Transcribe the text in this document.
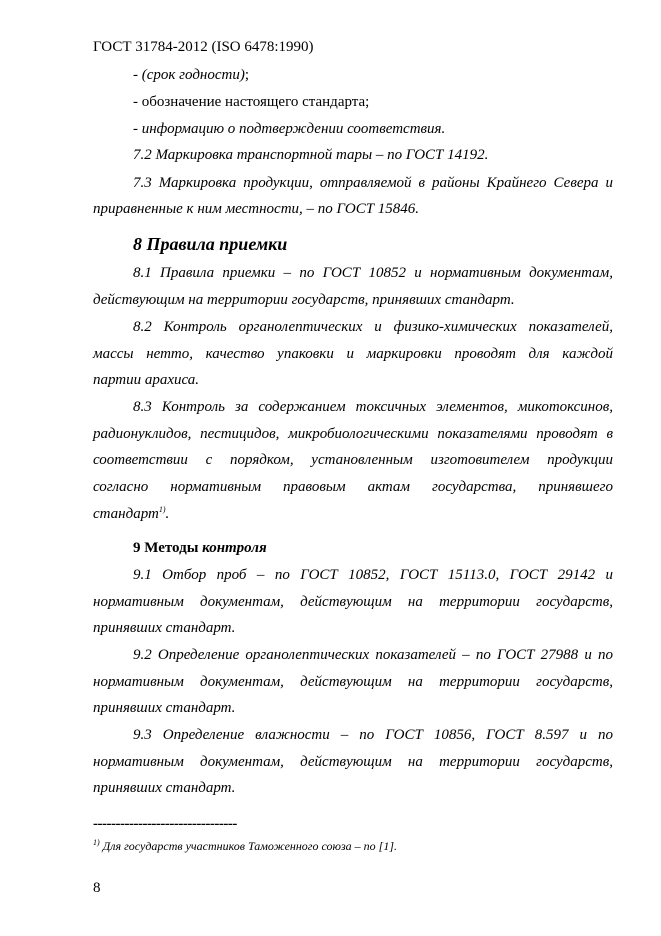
ГОСТ 31784-2012 (ISO 6478:1990)
- (срок годности);
- обозначение настоящего стандарта;
- информацию о подтверждении соответствия.
7.2 Маркировка транспортной тары – по ГОСТ 14192.
7.3 Маркировка продукции, отправляемой в районы Крайнего Севера и
приравненные к ним местности, – по ГОСТ 15846.
8 Правила приемки
8.1 Правила приемки – по ГОСТ 10852 и нормативным документам,
действующим на территории государств, принявших стандарт.
8.2 Контроль органолептических и физико-химических показателей,
массы нетто, качество упаковки и маркировки проводят для каждой
партии арахиса.
8.3 Контроль за содержанием токсичных элементов, микотоксинов,
радионуклидов, пестицидов, микробиологическими показателями проводят в
соответствии с порядком, установленным изготовителем продукции
согласно нормативным правовым актам государства, принявшего
стандарт$^{1)}$.
9 Методы контроля
9.1 Отбор проб – по ГОСТ 10852, ГОСТ 15113.0, ГОСТ 29142 и
нормативным документам, действующим на территории государств,
принявших стандарт.
9.2 Определение органолептических показателей – по ГОСТ 27988 и по
нормативным документам, действующим на территории государств,
принявших стандарт.
9.3 Определение влажности – по ГОСТ 10856, ГОСТ 8.597 и по
нормативным документам, действующим на территории государств,
принявших стандарт.
--------------------------------
$^{1)}$ Для государств участников Таможенного союза – по [1].
8
